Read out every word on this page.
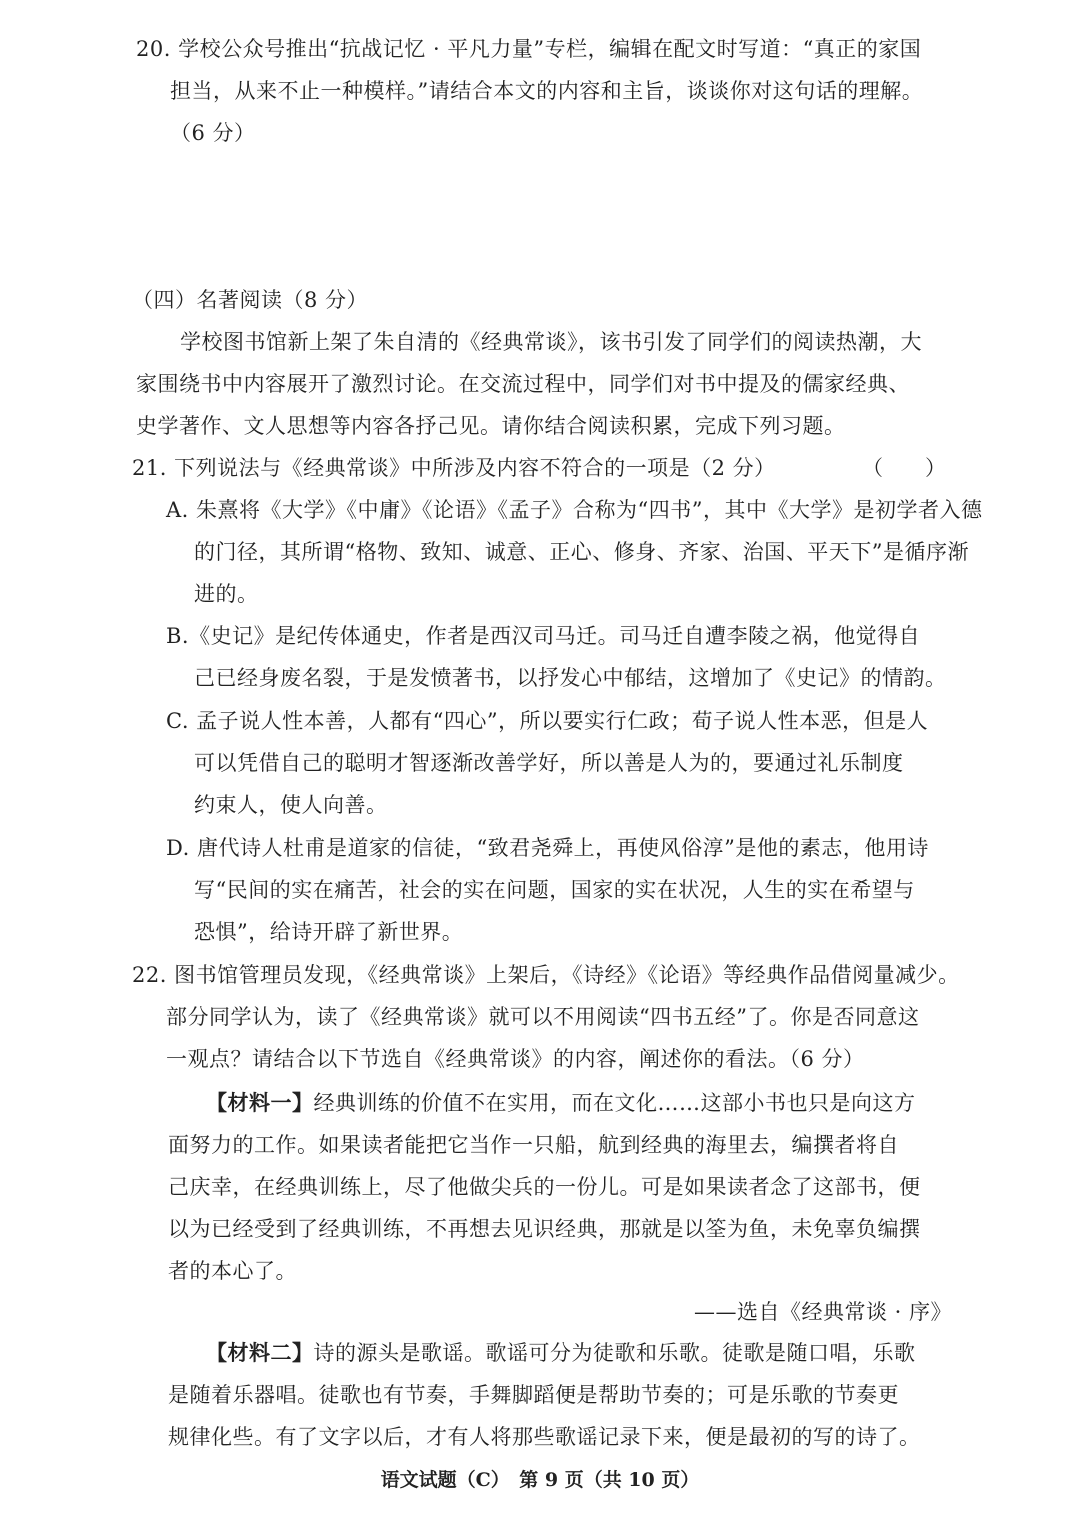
20. 学校公众号推出“抗战记忆 · 平凡力量”专栏，编辑在配文时写道：“真正的家国
担当，从来不止一种模样。”请结合本文的内容和主旨，谈谈你对这句话的理解。
（6 分）
（四）名著阅读（8 分）
学校图书馆新上架了朱自清的《经典常谈》，该书引发了同学们的阅读热潮，大
家围绕书中内容展开了激烈讨论。在交流过程中，同学们对书中提及的儒家经典、
史学著作、文人思想等内容各抒己见。请你结合阅读积累，完成下列习题。
21. 下列说法与《经典常谈》中所涉及内容不符合的一项是（2 分）	（　　）
A. 朱熹将《大学》《中庸》《论语》《孟子》合称为“四书”，其中《大学》是初学者入德
的门径，其所谓“格物、致知、诚意、正心、修身、齐家、治国、平天下”是循序渐
进的。
B.《史记》是纪传体通史，作者是西汉司马迁。司马迁自遭李陵之祸，他觉得自
己已经身废名裂，于是发愤著书，以抒发心中郁结，这增加了《史记》的情韵。
C. 孟子说人性本善，人都有“四心”，所以要实行仁政；荀子说人性本恶，但是人
可以凭借自己的聪明才智逐渐改善学好，所以善是人为的，要通过礼乐制度
约束人，使人向善。
D. 唐代诗人杜甫是道家的信徒，“致君尧舜上，再使风俗淳”是他的素志，他用诗
写“民间的实在痛苦，社会的实在问题，国家的实在状况，人生的实在希望与
恐惧”，给诗开辟了新世界。
22. 图书馆管理员发现，《经典常谈》上架后，《诗经》《论语》等经典作品借阅量减少。
部分同学认为，读了《经典常谈》就可以不用阅读“四书五经”了。你是否同意这
一观点？请结合以下节选自《经典常谈》的内容，阐述你的看法。（6 分）
【材料一】经典训练的价值不在实用，而在文化……这部小书也只是向这方
面努力的工作。如果读者能把它当作一只船，航到经典的海里去，编撰者将自
己庆幸，在经典训练上，尽了他做尖兵的一份儿。可是如果读者念了这部书，便
以为已经受到了经典训练，不再想去见识经典，那就是以筌为鱼，未免辜负编撰
者的本心了。
——选自《经典常谈 · 序》
【材料二】诗的源头是歌谣。歌谣可分为徒歌和乐歌。徒歌是随口唱，乐歌
是随着乐器唱。徒歌也有节奏，手舞脚蹈便是帮助节奏的；可是乐歌的节奏更
规律化些。有了文字以后，才有人将那些歌谣记录下来，便是最初的写的诗了。
语文试题（C）　第 9 页（共 10 页）
